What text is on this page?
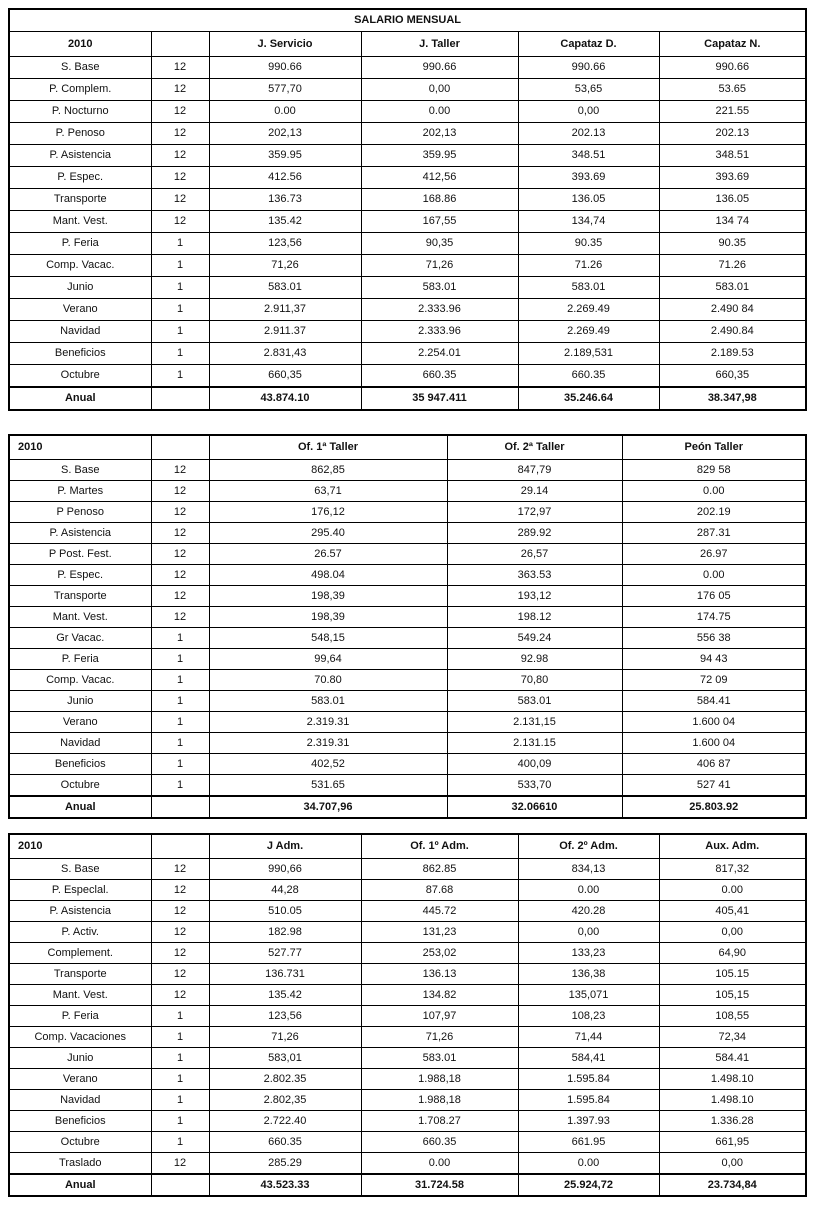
SALARIO MENSUAL					
2010		J. Servicio	J. Taller	Capataz D.	Capataz N.
S. Base	12	990.66	990.66	990.66	990.66
P. Complem.	12	577,70	0,00	53,65	53.65
P. Nocturno	12	0.00	0.00	0,00	221.55
P. Penoso	12	202,13	202,13	202.13	202.13
P. Asistencia	12	359.95	359.95	348.51	348.51
P. Espec.	12	412.56	412,56	393.69	393.69
Transporte	12	136.73	168.86	136.05	136.05
Mant. Vest.	12	135.42	167,55	134,74	134 74
P. Feria	1	123,56	90,35	90.35	90.35
Comp. Vacac.	1	71,26	71,26	71.26	71.26
Junio	1	583.01	583.01	583.01	583.01
Verano	1	2.911,37	2.333.96	2.269.49	2.490 84
Navidad	1	2.911.37	2.333.96	2.269.49	2.490.84
Beneficios	1	2.831,43	2.254.01	2.189,531	2.189.53
Octubre	1	660,35	660.35	660.35	660,35
Anual		43.874.10	35 947.411	35.246.64	38.347,98
2010		Of. 1ª Taller	Of. 2ª Taller	Peón Taller
S. Base	12	862,85	847,79	829 58
P. Martes	12	63,71	29.14	0.00
P Penoso	12	176,12	172,97	202.19
P. Asistencia	12	295.40	289.92	287.31
P Post. Fest.	12	26.57	26,57	26.97
P. Espec.	12	498.04	363.53	0.00
Transporte	12	198,39	193,12	176 05
Mant. Vest.	12	198,39	198.12	174.75
Gr Vacac.	1	548,15	549.24	556 38
P. Feria	1	99,64	92.98	94 43
Comp. Vacac.	1	70.80	70,80	72 09
Junio	1	583.01	583.01	584.41
Verano	1	2.319.31	2.131,15	1.600 04
Navidad	1	2.319.31	2.131.15	1.600 04
Beneficios	1	402,52	400,09	406 87
Octubre	1	531.65	533,70	527 41
Anual		34.707,96	32.06610	25.803.92
2010		J Adm.	Of. 1º Adm.	Of. 2º Adm.	Aux. Adm.
S. Base	12	990,66	862.85	834,13	817,32
P. Especlal.	12	44,28	87.68	0.00	0.00
P. Asistencia	12	510.05	445.72	420.28	405,41
P. Activ.	12	182.98	131,23	0,00	0,00
Complement.	12	527.77	253,02	133,23	64,90
Transporte	12	136.731	136.13	136,38	105.15
Mant. Vest.	12	135.42	134.82	135,071	105,15
P. Feria	1	123,56	107,97	108,23	108,55
Comp. Vacaciones	1	71,26	71,26	71,44	72,34
Junio	1	583,01	583.01	584,41	584.41
Verano	1	2.802.35	1.988,18	1.595.84	1.498.10
Navidad	1	2.802,35	1.988,18	1.595.84	1.498.10
Beneficios	1	2.722.40	1.708.27	1.397.93	1.336.28
Octubre	1	660.35	660.35	661.95	661,95
Traslado	12	285.29	0.00	0.00	0,00
Anual		43.523.33	31.724.58	25.924,72	23.734,84
